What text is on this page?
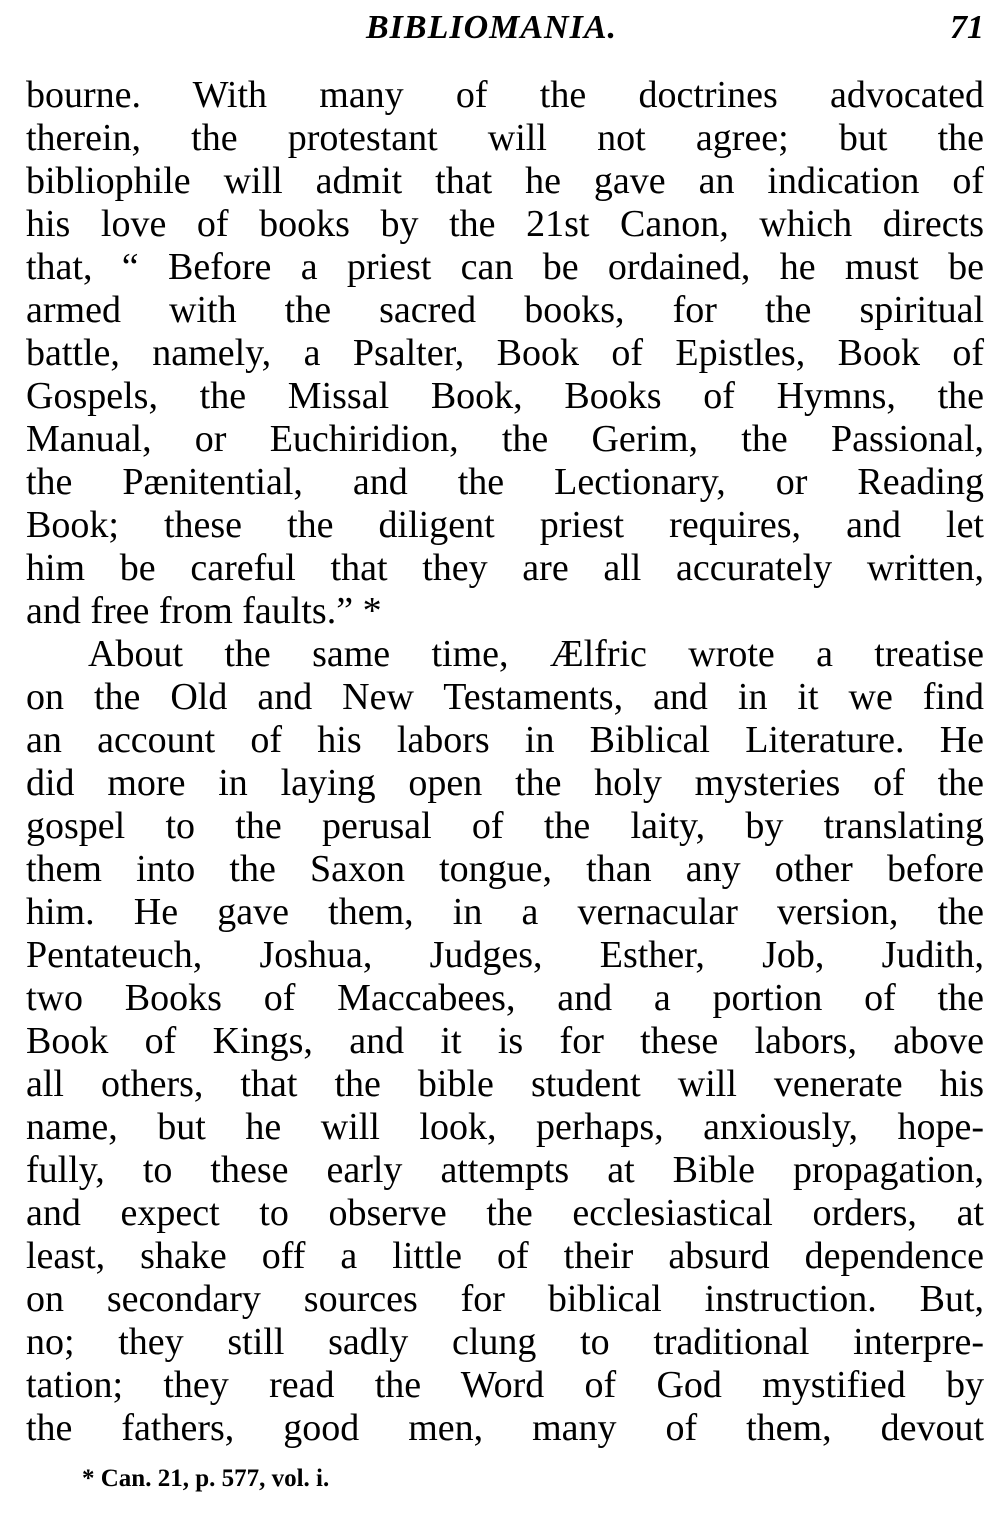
BIBLIOMANIA.	71
bourne. With many of the doctrines advocated
therein, the protestant will not agree; but the
bibliophile will admit that he gave an indication of
his love of books by the 21st Canon, which directs
that, “ Before a priest can be ordained, he must be
armed with the sacred books, for the spiritual
battle, namely, a Psalter, Book of Epistles, Book of
Gospels, the Missal Book, Books of Hymns, the
Manual, or Euchiridion, the Gerim, the Passional,
the Pænitential, and the Lectionary, or Reading
Book; these the diligent priest requires, and let
him be careful that they are all accurately written,
and free from faults.” *
About the same time, Ælfric wrote a treatise
on the Old and New Testaments, and in it we find
an account of his labors in Biblical Literature. He
did more in laying open the holy mysteries of the
gospel to the perusal of the laity, by translating
them into the Saxon tongue, than any other before
him. He gave them, in a vernacular version, the
Pentateuch, Joshua, Judges, Esther, Job, Judith,
two Books of Maccabees, and a portion of the
Book of Kings, and it is for these labors, above
all others, that the bible student will venerate his
name, but he will look, perhaps, anxiously, hope-
fully, to these early attempts at Bible propagation,
and expect to observe the ecclesiastical orders, at
least, shake off a little of their absurd dependence
on secondary sources for biblical instruction. But,
no; they still sadly clung to traditional interpre-
tation; they read the Word of God mystified by
the fathers, good men, many of them, devout
* Can. 21, p. 577, vol. i.
